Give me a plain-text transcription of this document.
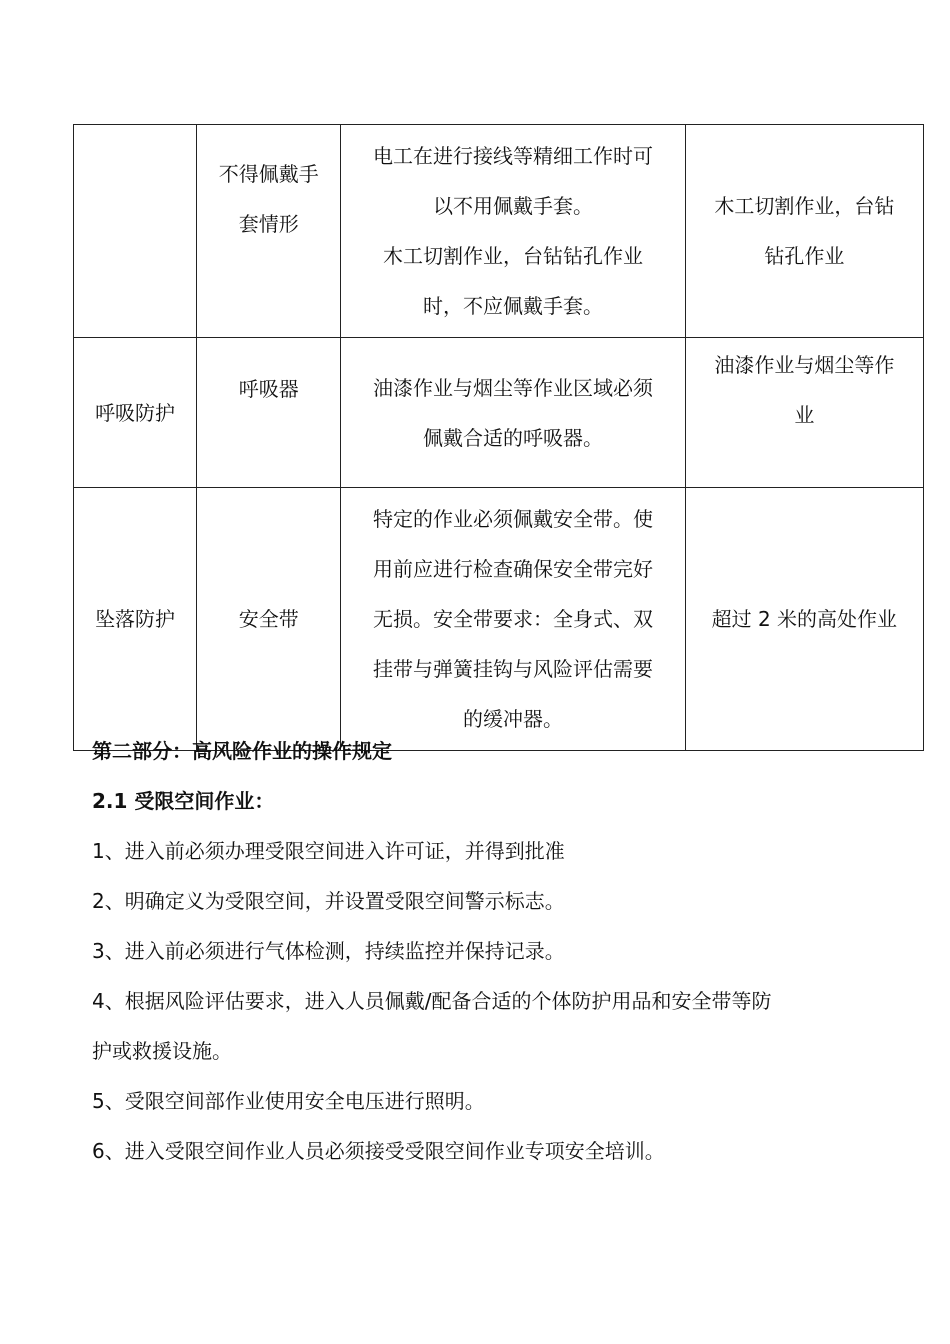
	不得佩戴手
套情形	电工在进行接线等精细工作时可
以不用佩戴手套。
木工切割作业，台钻钻孔作业
时，不应佩戴手套。	木工切割作业，台钻
钻孔作业
呼吸防护	呼吸器	油漆作业与烟尘等作业区域必须
佩戴合适的呼吸器。	油漆作业与烟尘等作
业
坠落防护	安全带	特定的作业必须佩戴安全带。使
用前应进行检查确保安全带完好
无损。安全带要求：全身式、双
挂带与弹簧挂钩与风险评估需要
的缓冲器。	超过 2 米的高处作业

第二部分：高风险作业的操作规定

2.1 受限空间作业：

1、进入前必须办理受限空间进入许可证，并得到批准

2、明确定义为受限空间，并设置受限空间警示标志。

3、进入前必须进行气体检测，持续监控并保持记录。

4、根据风险评估要求，进入人员佩戴/配备合适的个体防护用品和安全带等防

护或救援设施。

5、受限空间部作业使用安全电压进行照明。

6、进入受限空间作业人员必须接受受限空间作业专项安全培训。
